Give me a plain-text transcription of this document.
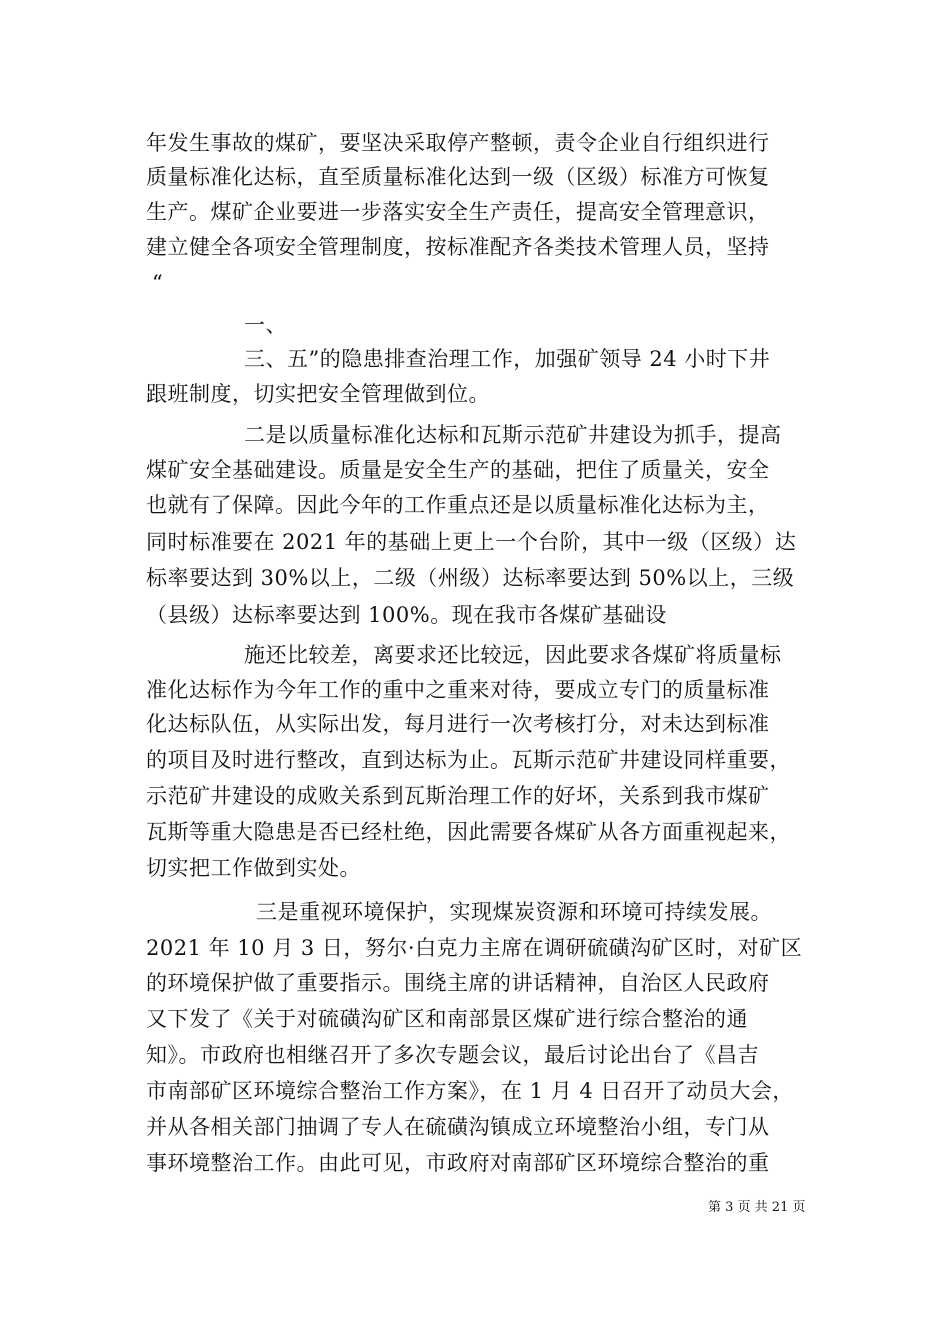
年发生事故的煤矿，要坚决采取停产整顿，责令企业自行组织进行
质量标准化达标，直至质量标准化达到一级（区级）标准方可恢复
生产。煤矿企业要进一步落实安全生产责任，提高安全管理意识，
建立健全各项安全管理制度，按标准配齐各类技术管理人员，坚持
“
一、
三、五”的隐患排查治理工作，加强矿领导 24 小时下井
跟班制度，切实把安全管理做到位。
二是以质量标准化达标和瓦斯示范矿井建设为抓手，提高
煤矿安全基础建设。质量是安全生产的基础，把住了质量关，安全
也就有了保障。因此今年的工作重点还是以质量标准化达标为主，
同时标准要在 2021 年的基础上更上一个台阶，其中一级（区级）达
标率要达到 30%以上，二级（州级）达标率要达到 50%以上，三级
（县级）达标率要达到 100%。现在我市各煤矿基础设
施还比较差，离要求还比较远，因此要求各煤矿将质量标
准化达标作为今年工作的重中之重来对待，要成立专门的质量标准
化达标队伍，从实际出发，每月进行一次考核打分，对未达到标准
的项目及时进行整改，直到达标为止。瓦斯示范矿井建设同样重要，
示范矿井建设的成败关系到瓦斯治理工作的好坏，关系到我市煤矿
瓦斯等重大隐患是否已经杜绝，因此需要各煤矿从各方面重视起来，
切实把工作做到实处。
三是重视环境保护，实现煤炭资源和环境可持续发展。
2021 年 10 月 3 日，努尔·白克力主席在调研硫磺沟矿区时，对矿区
的环境保护做了重要指示。围绕主席的讲话精神，自治区人民政府
又下发了《关于对硫磺沟矿区和南部景区煤矿进行综合整治的通
知》。市政府也相继召开了多次专题会议，最后讨论出台了《昌吉
市南部矿区环境综合整治工作方案》，在 1 月 4 日召开了动员大会，
并从各相关部门抽调了专人在硫磺沟镇成立环境整治小组，专门从
事环境整治工作。由此可见，市政府对南部矿区环境综合整治的重
第 3 页 共 21 页
